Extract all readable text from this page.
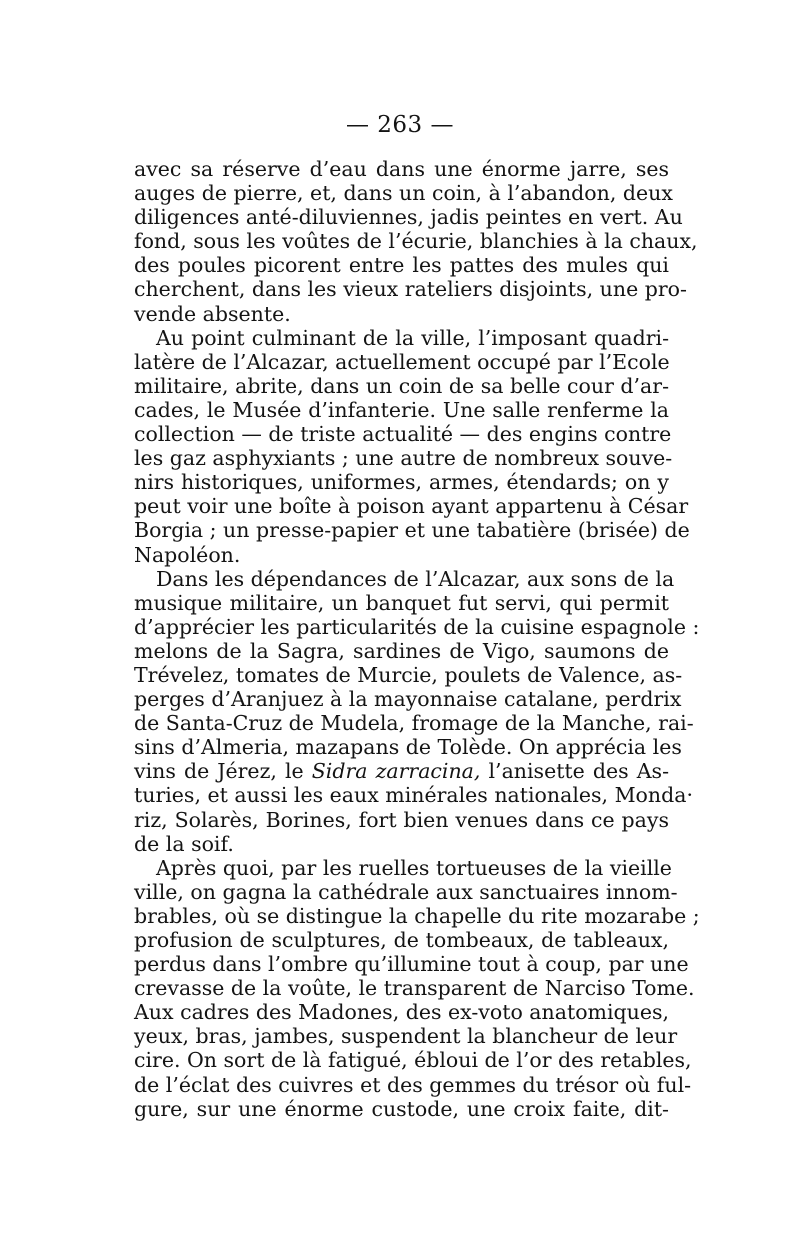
— 263 —
avec sa réserve d’eau dans une énorme jarre, ses
auges de pierre, et, dans un coin, à l’abandon, deux
diligences anté-diluviennes, jadis peintes en vert. Au
fond, sous les voûtes de l’écurie, blanchies à la chaux,
des poules picorent entre les pattes des mules qui
cherchent, dans les vieux rateliers disjoints, une pro-
vende absente.
Au point culminant de la ville, l’imposant quadri-
latère de l’Alcazar, actuellement occupé par l’Ecole
militaire, abrite, dans un coin de sa belle cour d’ar-
cades, le Musée d’infanterie. Une salle renferme la
collection — de triste actualité — des engins contre
les gaz asphyxiants ; une autre de nombreux souve-
nirs historiques, uniformes, armes, étendards; on y
peut voir une boîte à poison ayant appartenu à César
Borgia ; un presse-papier et une tabatière (brisée) de
Napoléon.
Dans les dépendances de l’Alcazar, aux sons de la
musique militaire, un banquet fut servi, qui permit
d’apprécier les particularités de la cuisine espagnole :
melons de la Sagra, sardines de Vigo, saumons de
Trévelez, tomates de Murcie, poulets de Valence, as-
perges d’Aranjuez à la mayonnaise catalane, perdrix
de Santa-Cruz de Mudela, fromage de la Manche, rai-
sins d’Almeria, mazapans de Tolède. On apprécia les
vins de Jérez, le Sidra zarracina, l’anisette des As-
turies, et aussi les eaux minérales nationales, Monda·
riz, Solarès, Borines, fort bien venues dans ce pays
de la soif.
Après quoi, par les ruelles tortueuses de la vieille
ville, on gagna la cathédrale aux sanctuaires innom-
brables, où se distingue la chapelle du rite mozarabe ;
profusion de sculptures, de tombeaux, de tableaux,
perdus dans l’ombre qu’illumine tout à coup, par une
crevasse de la voûte, le transparent de Narciso Tome.
Aux cadres des Madones, des ex-voto anatomiques,
yeux, bras, jambes, suspendent la blancheur de leur
cire. On sort de là fatigué, ébloui de l’or des retables,
de l’éclat des cuivres et des gemmes du trésor où ful-
gure, sur une énorme custode, une croix faite, dit-
